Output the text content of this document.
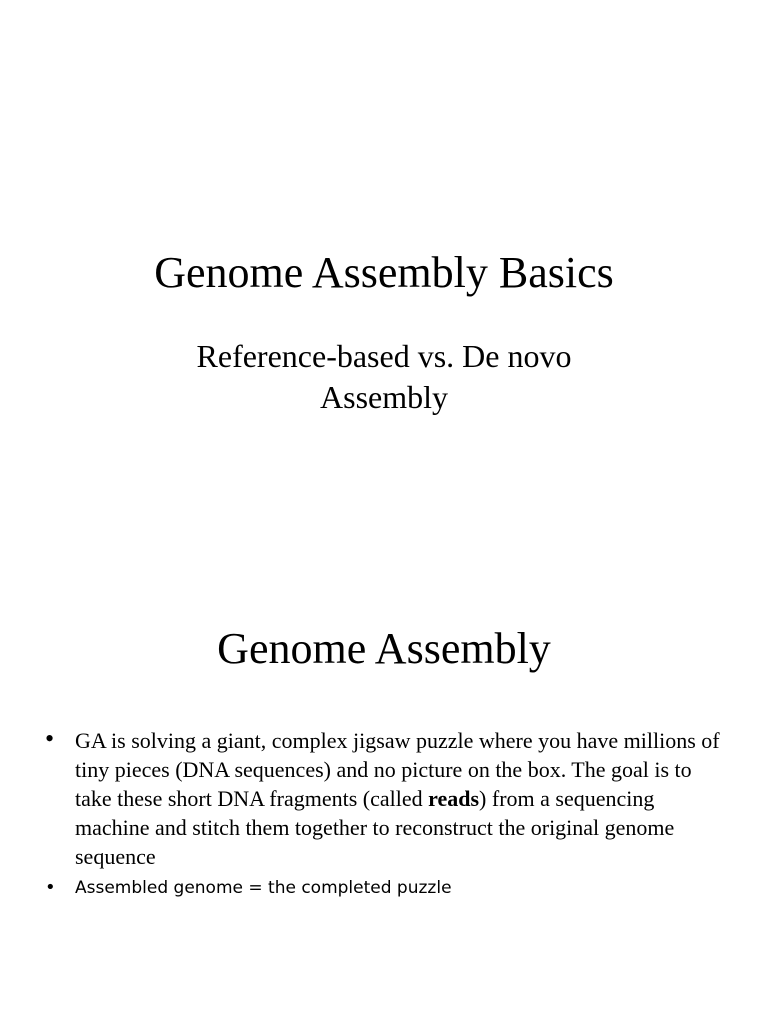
Genome Assembly Basics
Reference-based vs. De novo
Assembly
Genome Assembly
• GA is solving a giant, complex jigsaw puzzle where you have millions of tiny pieces (DNA sequences) and no picture on the box. The goal is to take these short DNA fragments (called reads) from a sequencing machine and stitch them together to reconstruct the original genome sequence
• Assembled genome = the completed puzzle
